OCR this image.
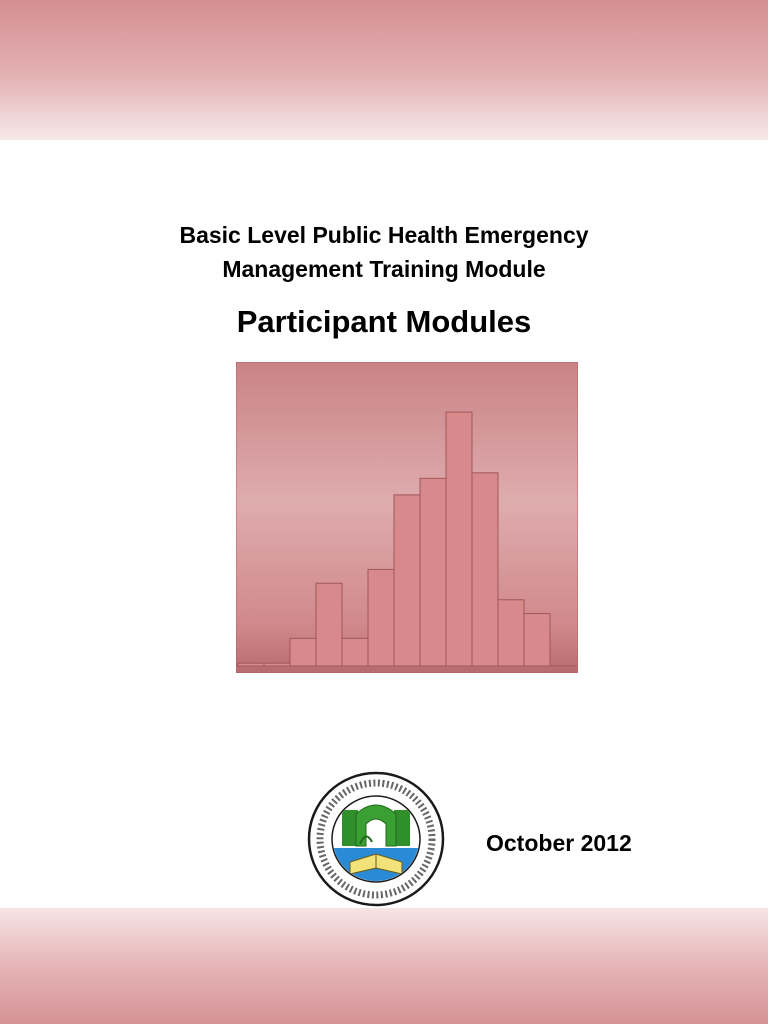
Basic Level Public Health Emergency
Management Training Module
Participant Modules
October 2012
